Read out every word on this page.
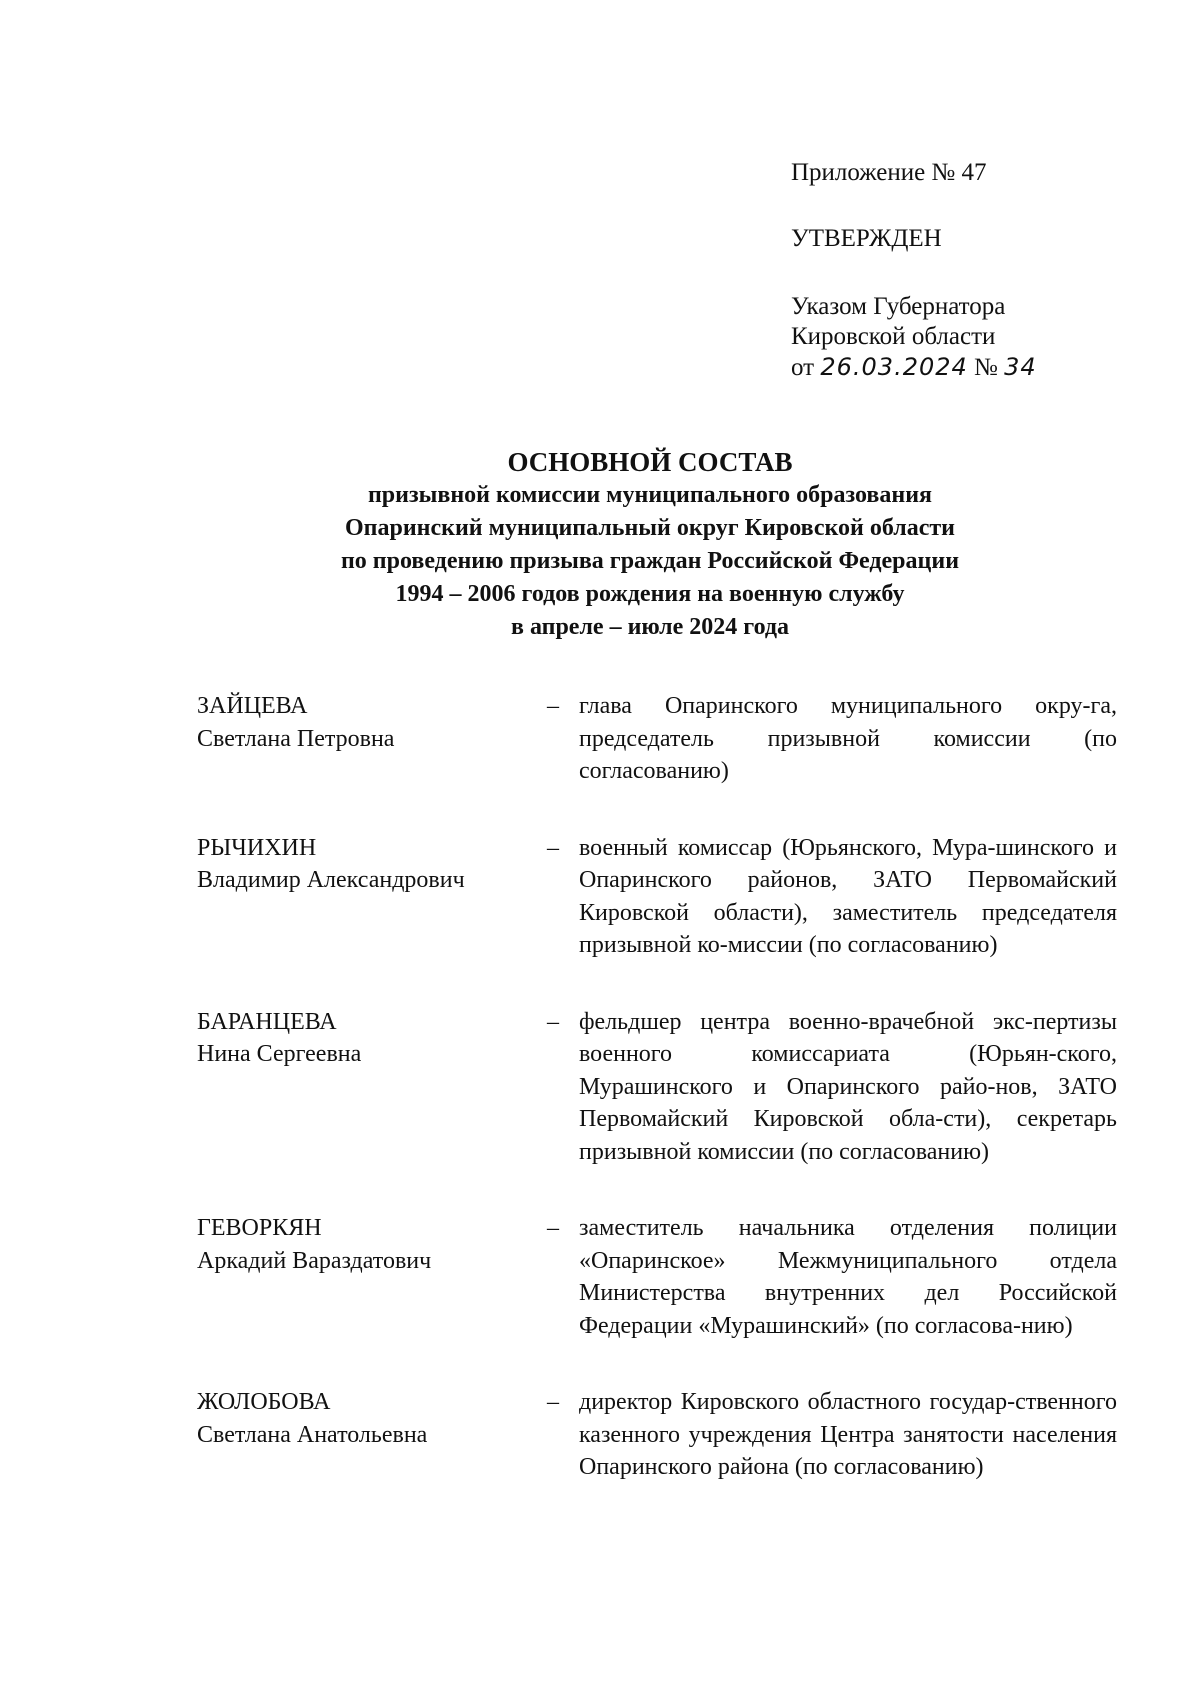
Приложение № 47
УТВЕРЖДЕН
Указом Губернатора
Кировской области
от 26.03.2024 № 34
ОСНОВНОЙ СОСТАВ
призывной комиссии муниципального образования
Опаринский муниципальный округ Кировской области
по проведению призыва граждан Российской Федерации
1994 – 2006 годов рождения на военную службу
в апреле – июле 2024 года
ЗАЙЦЕВА
Светлана Петровна
– глава Опаринского муниципального окру-га, председатель призывной комиссии (по согласованию)
РЫЧИХИН
Владимир Александрович
– военный комиссар (Юрьянского, Мура-шинского и Опаринского районов, ЗАТО Первомайский Кировской области), заместитель председателя призывной ко-миссии (по согласованию)
БАРАНЦЕВА
Нина Сергеевна
– фельдшер центра военно-врачебной экс-пертизы военного комиссариата (Юрьян-ского, Мурашинского и Опаринского райо-нов, ЗАТО Первомайский Кировской обла-сти), секретарь призывной комиссии (по согласованию)
ГЕВОРКЯН
Аркадий Вараздатович
– заместитель начальника отделения полиции «Опаринское» Межмуниципального отдела Министерства внутренних дел Российской Федерации «Мурашинский» (по согласова-нию)
ЖОЛОБОВА
Светлана Анатольевна
– директор Кировского областного государ-ственного казенного учреждения Центра занятости населения Опаринского района (по согласованию)
